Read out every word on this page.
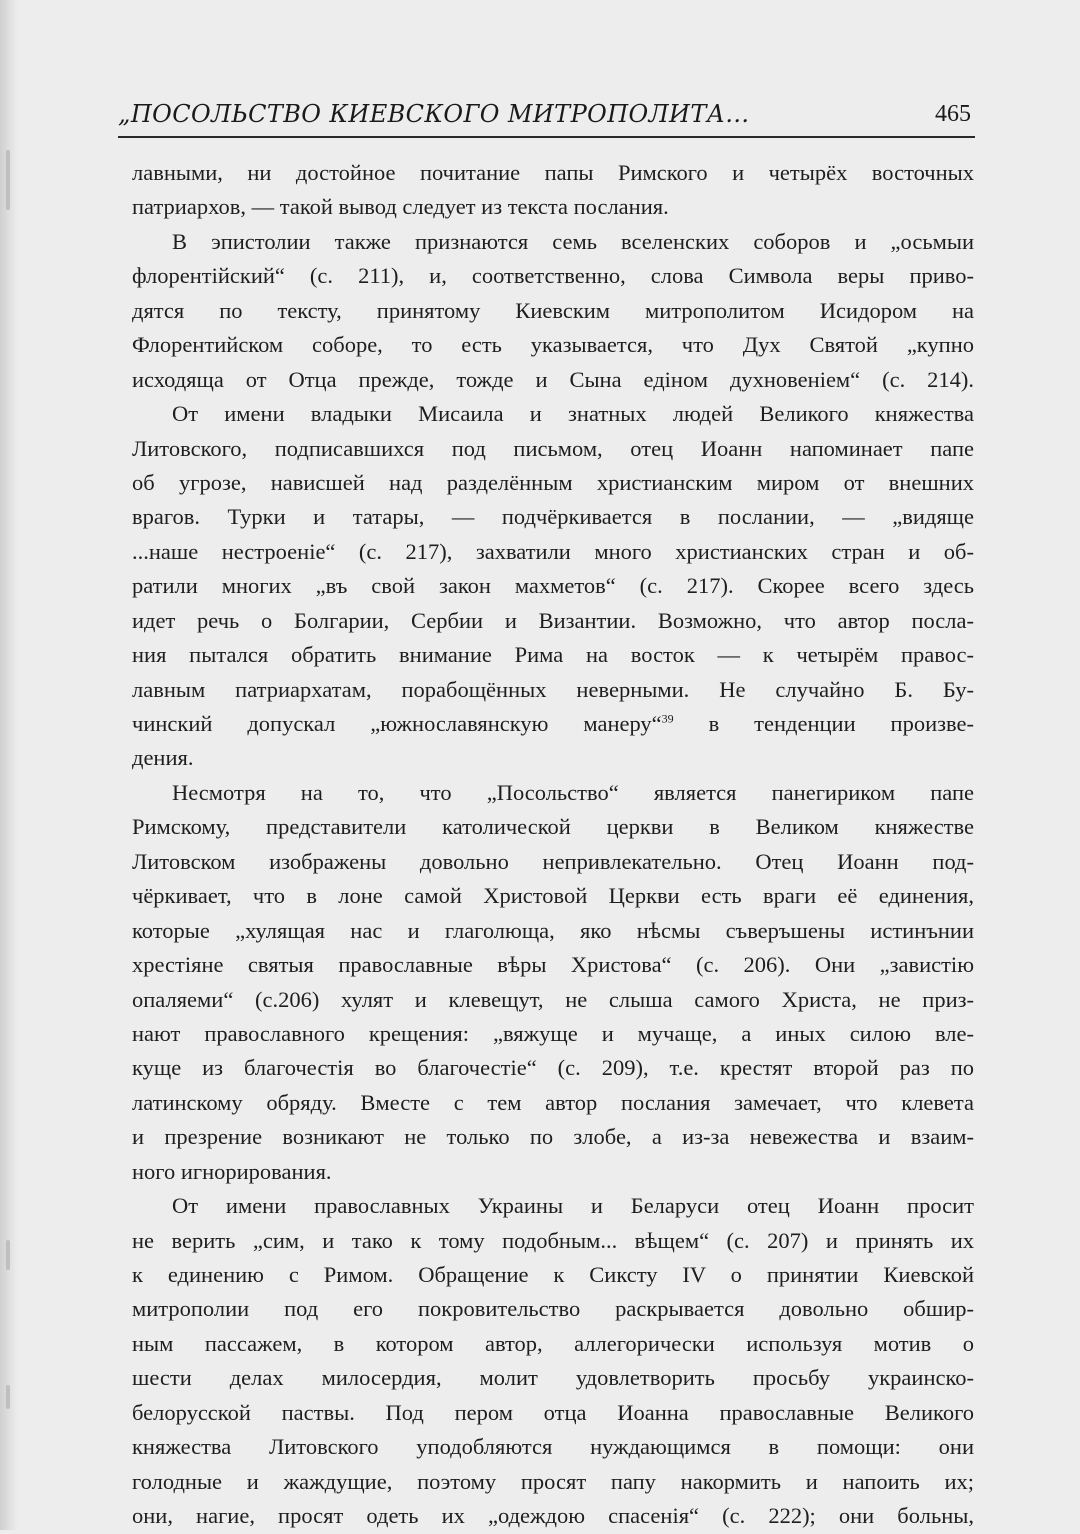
„ПОСОЛЬСТВО КИЕВСКОГО МИТРОПОЛИТА...	465
лавными, ни достойное почитание папы Римского и четырёх восточных
патриархов, — такой вывод следует из текста послания.
В эпистолии также признаются семь вселенских соборов и „осьмыи
флорентiйский“ (с. 211), и, соответственно, слова Символа веры приво-
дятся по тексту, принятому Киевским митрополитом Исидором на
Флорентийском соборе, то есть указывается, что Дух Святой „купно
исходяща от Отца прежде, тожде и Сына едiном духновенiем“ (с. 214).
От имени владыки Мисаила и знатных людей Великого княжества
Литовского, подписавшихся под письмом, отец Иоанн напоминает папе
об угрозе, нависшей над разделённым христианским миром от внешних
врагов. Турки и татары, — подчёркивается в послании, — „видяще
...наше нестроенiе“ (с. 217), захватили много христианских стран и об-
ратили многих „въ свой закон махметов“ (с. 217). Скорее всего здесь
идет речь о Болгарии, Сербии и Византии. Возможно, что автор посла-
ния пытался обратить внимание Рима на восток — к четырём правос-
лавным патриархатам, порабощённых неверными. Не случайно Б. Бу-
чинский допускал „южнославянскую манеру“$^{39}$ в тенденции произве-
дения.
Несмотря на то, что „Посольство“ является панегириком папе
Римскому, представители католической церкви в Великом княжестве
Литовском изображены довольно непривлекательно. Отец Иоанн под-
чёркивает, что в лоне самой Христовой Церкви есть враги её единения,
которые „хулящая нас и глаголюща, яко нѣсмы съверъшены истинънии
хрестiяне святыя православные вѣры Христова“ (с. 206). Они „завистiю
опаляеми“ (с.206) хулят и клевещут, не слыша самого Христа, не приз-
нают православного крещения: „вяжуще и мучаще, а иных силою вле-
куще из благочестiя во благочестiе“ (с. 209), т.е. крестят второй раз по
латинскому обряду. Вместе с тем автор послания замечает, что клевета
и презрение возникают не только по злобе, а из-за невежества и взаим-
ного игнорирования.
От имени православных Украины и Беларуси отец Иоанн просит
не верить „сим, и тако к тому подобным... вѣщем“ (с. 207) и принять их
к единению с Римом. Обращение к Сиксту IV о принятии Киевской
митрополии под его покровительство раскрывается довольно обшир-
ным пассажем, в котором автор, аллегорически используя мотив о
шести делах милосердия, молит удовлетворить просьбу украинско-
белорусской паствы. Под пером отца Иоанна православные Великого
княжества Литовского уподобляются нуждающимся в помощи: они
голодные и жаждущие, поэтому просят папу накормить и напоить их;
они, нагие, просят одеть их „одеждою спасенiя“ (с. 222); они больны,
